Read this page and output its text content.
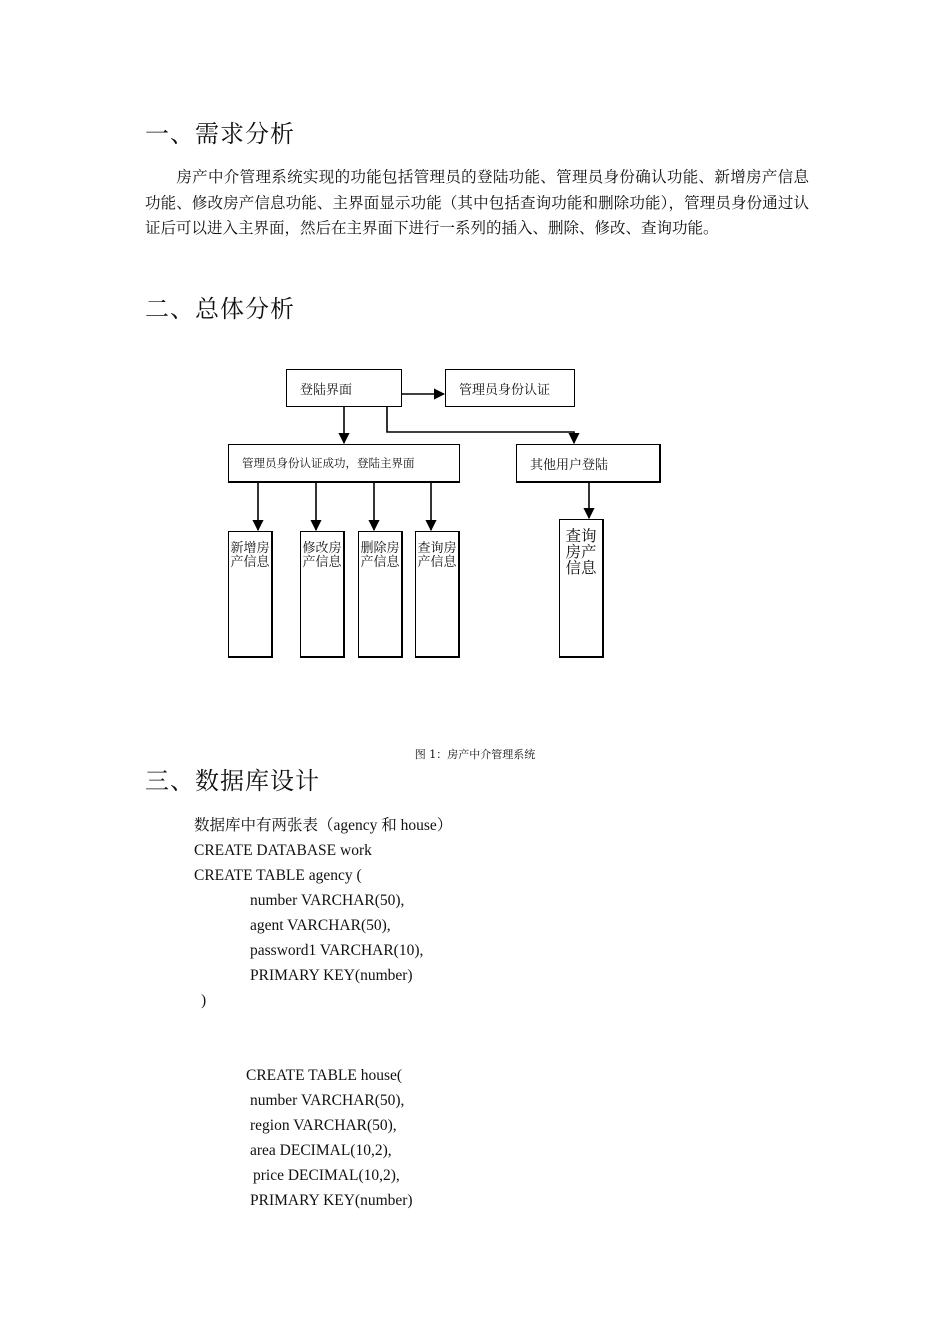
一、需求分析
房产中介管理系统实现的功能包括管理员的登陆功能、管理员身份确认功能、新增房产信息功能、修改房产信息功能、主界面显示功能（其中包括查询功能和删除功能），管理员身份通过认证后可以进入主界面，然后在主界面下进行一系列的插入、删除、修改、查询功能。
二、总体分析
登陆界面	管理员身份认证
管理员身份认证成功，登陆主界面	其他用户登陆
新增房产信息
修改房产信息
删除房产信息
查询房产信息
查询房产信息
图 1：房产中介管理系统
三、数据库设计
数据库中有两张表（agency 和 house）
CREATE DATABASE work
CREATE TABLE agency (
number VARCHAR(50),
agent VARCHAR(50),
password1 VARCHAR(10),
PRIMARY KEY(number)
)
CREATE TABLE house(
number VARCHAR(50),
region VARCHAR(50),
area DECIMAL(10,2),
price DECIMAL(10,2),
PRIMARY KEY(number)
